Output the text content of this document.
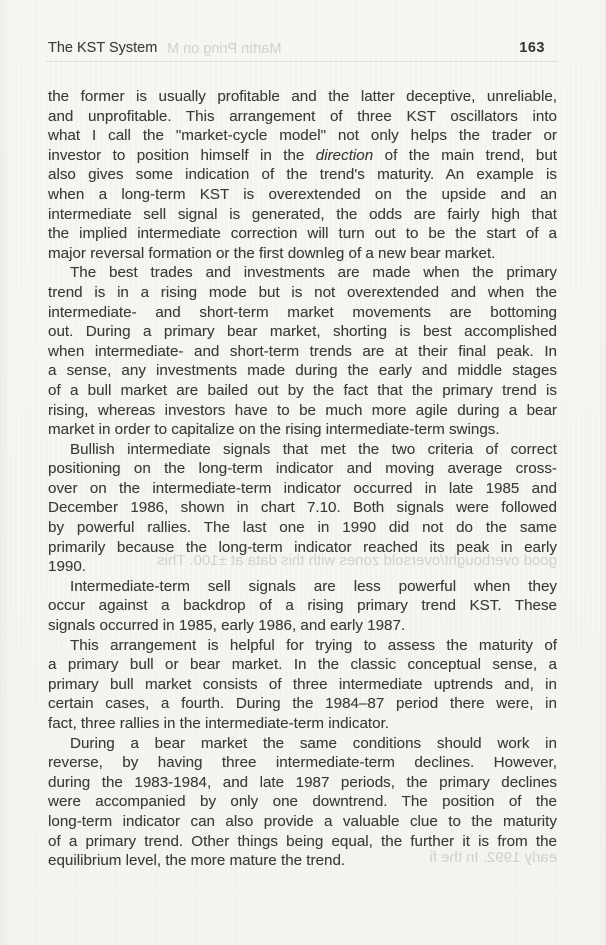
The KST System	163
Martin Pring on M

the former is usually profitable and the latter deceptive, unreliable,
and unprofitable. This arrangement of three KST oscillators into
what I call the "market-cycle model" not only helps the trader or
investor to position himself in the direction of the main trend, but
also gives some indication of the trend's maturity. An example is
when a long-term KST is overextended on the upside and an
intermediate sell signal is generated, the odds are fairly high that
the implied intermediate correction will turn out to be the start of a
major reversal formation or the first downleg of a new bear market.

The best trades and investments are made when the primary
trend is in a rising mode but is not overextended and when the
intermediate- and short-term market movements are bottoming
out. During a primary bear market, shorting is best accomplished
when intermediate- and short-term trends are at their final peak. In
a sense, any investments made during the early and middle stages
of a bull market are bailed out by the fact that the primary trend is
rising, whereas investors have to be much more agile during a bear
market in order to capitalize on the rising intermediate-term swings.

Bullish intermediate signals that met the two criteria of correct
positioning on the long-term indicator and moving average cross-
over on the intermediate-term indicator occurred in late 1985 and
December 1986, shown in chart 7.10. Both signals were followed
by powerful rallies. The last one in 1990 did not do the same
primarily because the long-term indicator reached its peak in early
1990.

Intermediate-term sell signals are less powerful when they
occur against a backdrop of a rising primary trend KST. These
signals occurred in 1985, early 1986, and early 1987.

This arrangement is helpful for trying to assess the maturity of
a primary bull or bear market. In the classic conceptual sense, a
primary bull market consists of three intermediate uptrends and, in
certain cases, a fourth. During the 1984–87 period there were, in
fact, three rallies in the intermediate-term indicator.

During a bear market the same conditions should work in
reverse, by having three intermediate-term declines. However,
during the 1983-1984, and late 1987 periods, the primary declines
were accompanied by only one downtrend. The position of the
long-term indicator can also provide a valuable clue to the maturity
of a primary trend. Other things being equal, the further it is from the
equilibrium level, the more mature the trend.

good overbought/oversold zones with this data at ±100. This
early 1992. In the fi
